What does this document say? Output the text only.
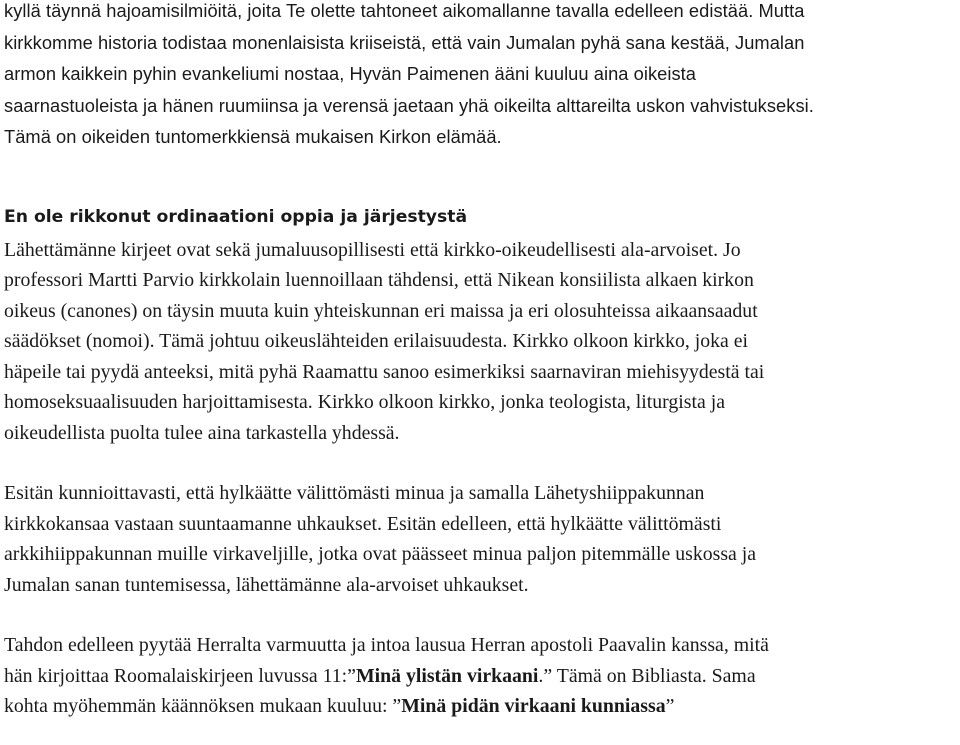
kyllä täynnä hajoamisilmiöitä, joita Te olette tahtoneet aikomallanne tavalla edelleen edistää. Mutta
kirkkomme historia todistaa monenlaisista kriiseistä, että vain Jumalan pyhä sana kestää, Jumalan
armon kaikkein pyhin evankeliumi nostaa, Hyvän Paimenen ääni kuuluu aina oikeista
saarnastuoleista ja hänen ruumiinsa ja verensä jaetaan yhä oikeilta alttareilta uskon vahvistukseksi.
Tämä on oikeiden tuntomerkkiensä mukaisen Kirkon elämää.

En ole rikkonut ordinaationi oppia ja järjestystä

Lähettämänne kirjeet ovat sekä jumaluusopillisesti että kirkko-oikeudellisesti ala-arvoiset. Jo
professori Martti Parvio kirkkolain luennoillaan tähdensi, että Nikean konsiilista alkaen kirkon
oikeus (canones) on täysin muuta kuin yhteiskunnan eri maissa ja eri olosuhteissa aikaansaadut
säädökset (nomoi). Tämä johtuu oikeuslähteiden erilaisuudesta. Kirkko olkoon kirkko, joka ei
häpeile tai pyydä anteeksi, mitä pyhä Raamattu sanoo esimerkiksi saarnaviran miehisyydestä tai
homoseksuaalisuuden harjoittamisesta. Kirkko olkoon kirkko, jonka teologista, liturgista ja
oikeudellista puolta tulee aina tarkastella yhdessä.

Esitän kunnioittavasti, että hylkäätte välittömästi minua ja samalla Lähetyshiippakunnan
kirkkokansaa vastaan suuntaamanne uhkaukset. Esitän edelleen, että hylkäätte välittömästi
arkkihiippakunnan muille virkaveljille, jotka ovat päässeet minua paljon pitemmälle uskossa ja
Jumalan sanan tuntemisessa, lähettämänne ala-arvoiset uhkaukset.

Tahdon edelleen pyytää Herralta varmuutta ja intoa lausua Herran apostoli Paavalin kanssa, mitä
hän kirjoittaa Roomalaiskirjeen luvussa 11:”Minä ylistän virkaani.” Tämä on Bibliasta. Sama
kohta myöhemmän käännöksen mukaan kuuluu: ”Minä pidän virkaani kunniassa”
